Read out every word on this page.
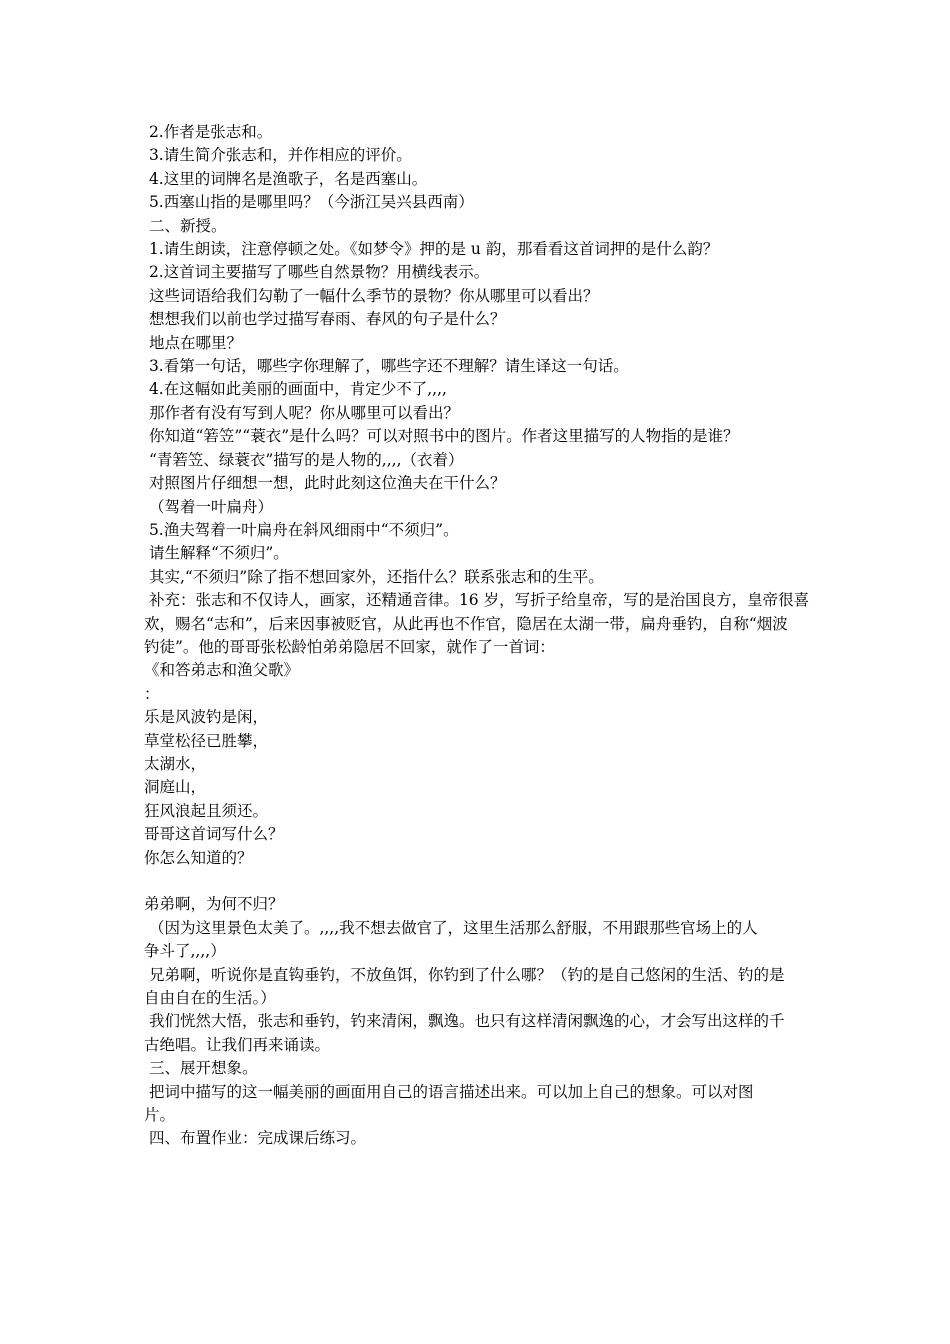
2.作者是张志和。

3.请生简介张志和，并作相应的评价。

4.这里的词牌名是渔歌子，名是西塞山。

5.西塞山指的是哪里吗？（今浙江吴兴县西南）

二、新授。

1.请生朗读，注意停顿之处。《如梦令》押的是 u 韵，那看看这首词押的是什么韵？

2.这首词主要描写了哪些自然景物？用横线表示。

这些词语给我们勾勒了一幅什么季节的景物？你从哪里可以看出？

想想我们以前也学过描写春雨、春风的句子是什么？

地点在哪里？

3.看第一句话，哪些字你理解了，哪些字还不理解？请生译这一句话。

4.在这幅如此美丽的画面中，肯定少不了,,,,

那作者有没有写到人呢？你从哪里可以看出？

你知道“箬笠”“蓑衣”是什么吗？可以对照书中的图片。作者这里描写的人物指的是谁？

“青箬笠、绿蓑衣”描写的是人物的,,,,（衣着）

对照图片仔细想一想，此时此刻这位渔夫在干什么？

（驾着一叶扁舟）

5.渔夫驾着一叶扁舟在斜风细雨中“不须归”。

请生解释“不须归”。

其实,“不须归”除了指不想回家外，还指什么？联系张志和的生平。

补充：张志和不仅诗人，画家，还精通音律。16 岁，写折子给皇帝，写的是治国良方，皇帝很喜

欢，赐名“志和”，后来因事被贬官，从此再也不作官，隐居在太湖一带，扁舟垂钓，自称“烟波

钓徒”。他的哥哥张松龄怕弟弟隐居不回家，就作了一首词：

《和答弟志和渔父歌》

：

乐是风波钓是闲，

草堂松径已胜攀，

太湖水，

洞庭山，

狂风浪起且须还。

哥哥这首词写什么？

你怎么知道的？

弟弟啊，为何不归？

（因为这里景色太美了。,,,,我不想去做官了，这里生活那么舒服，不用跟那些官场上的人

争斗了,,,,）

兄弟啊，听说你是直钩垂钓，不放鱼饵，你钓到了什么哪？（钓的是自己悠闲的生活、钓的是

自由自在的生活。）

我们恍然大悟，张志和垂钓，钓来清闲，飘逸。也只有这样清闲飘逸的心，才会写出这样的千

古绝唱。让我们再来诵读。

三、展开想象。

把词中描写的这一幅美丽的画面用自己的语言描述出来。可以加上自己的想象。可以对图

片。

四、布置作业：完成课后练习。
